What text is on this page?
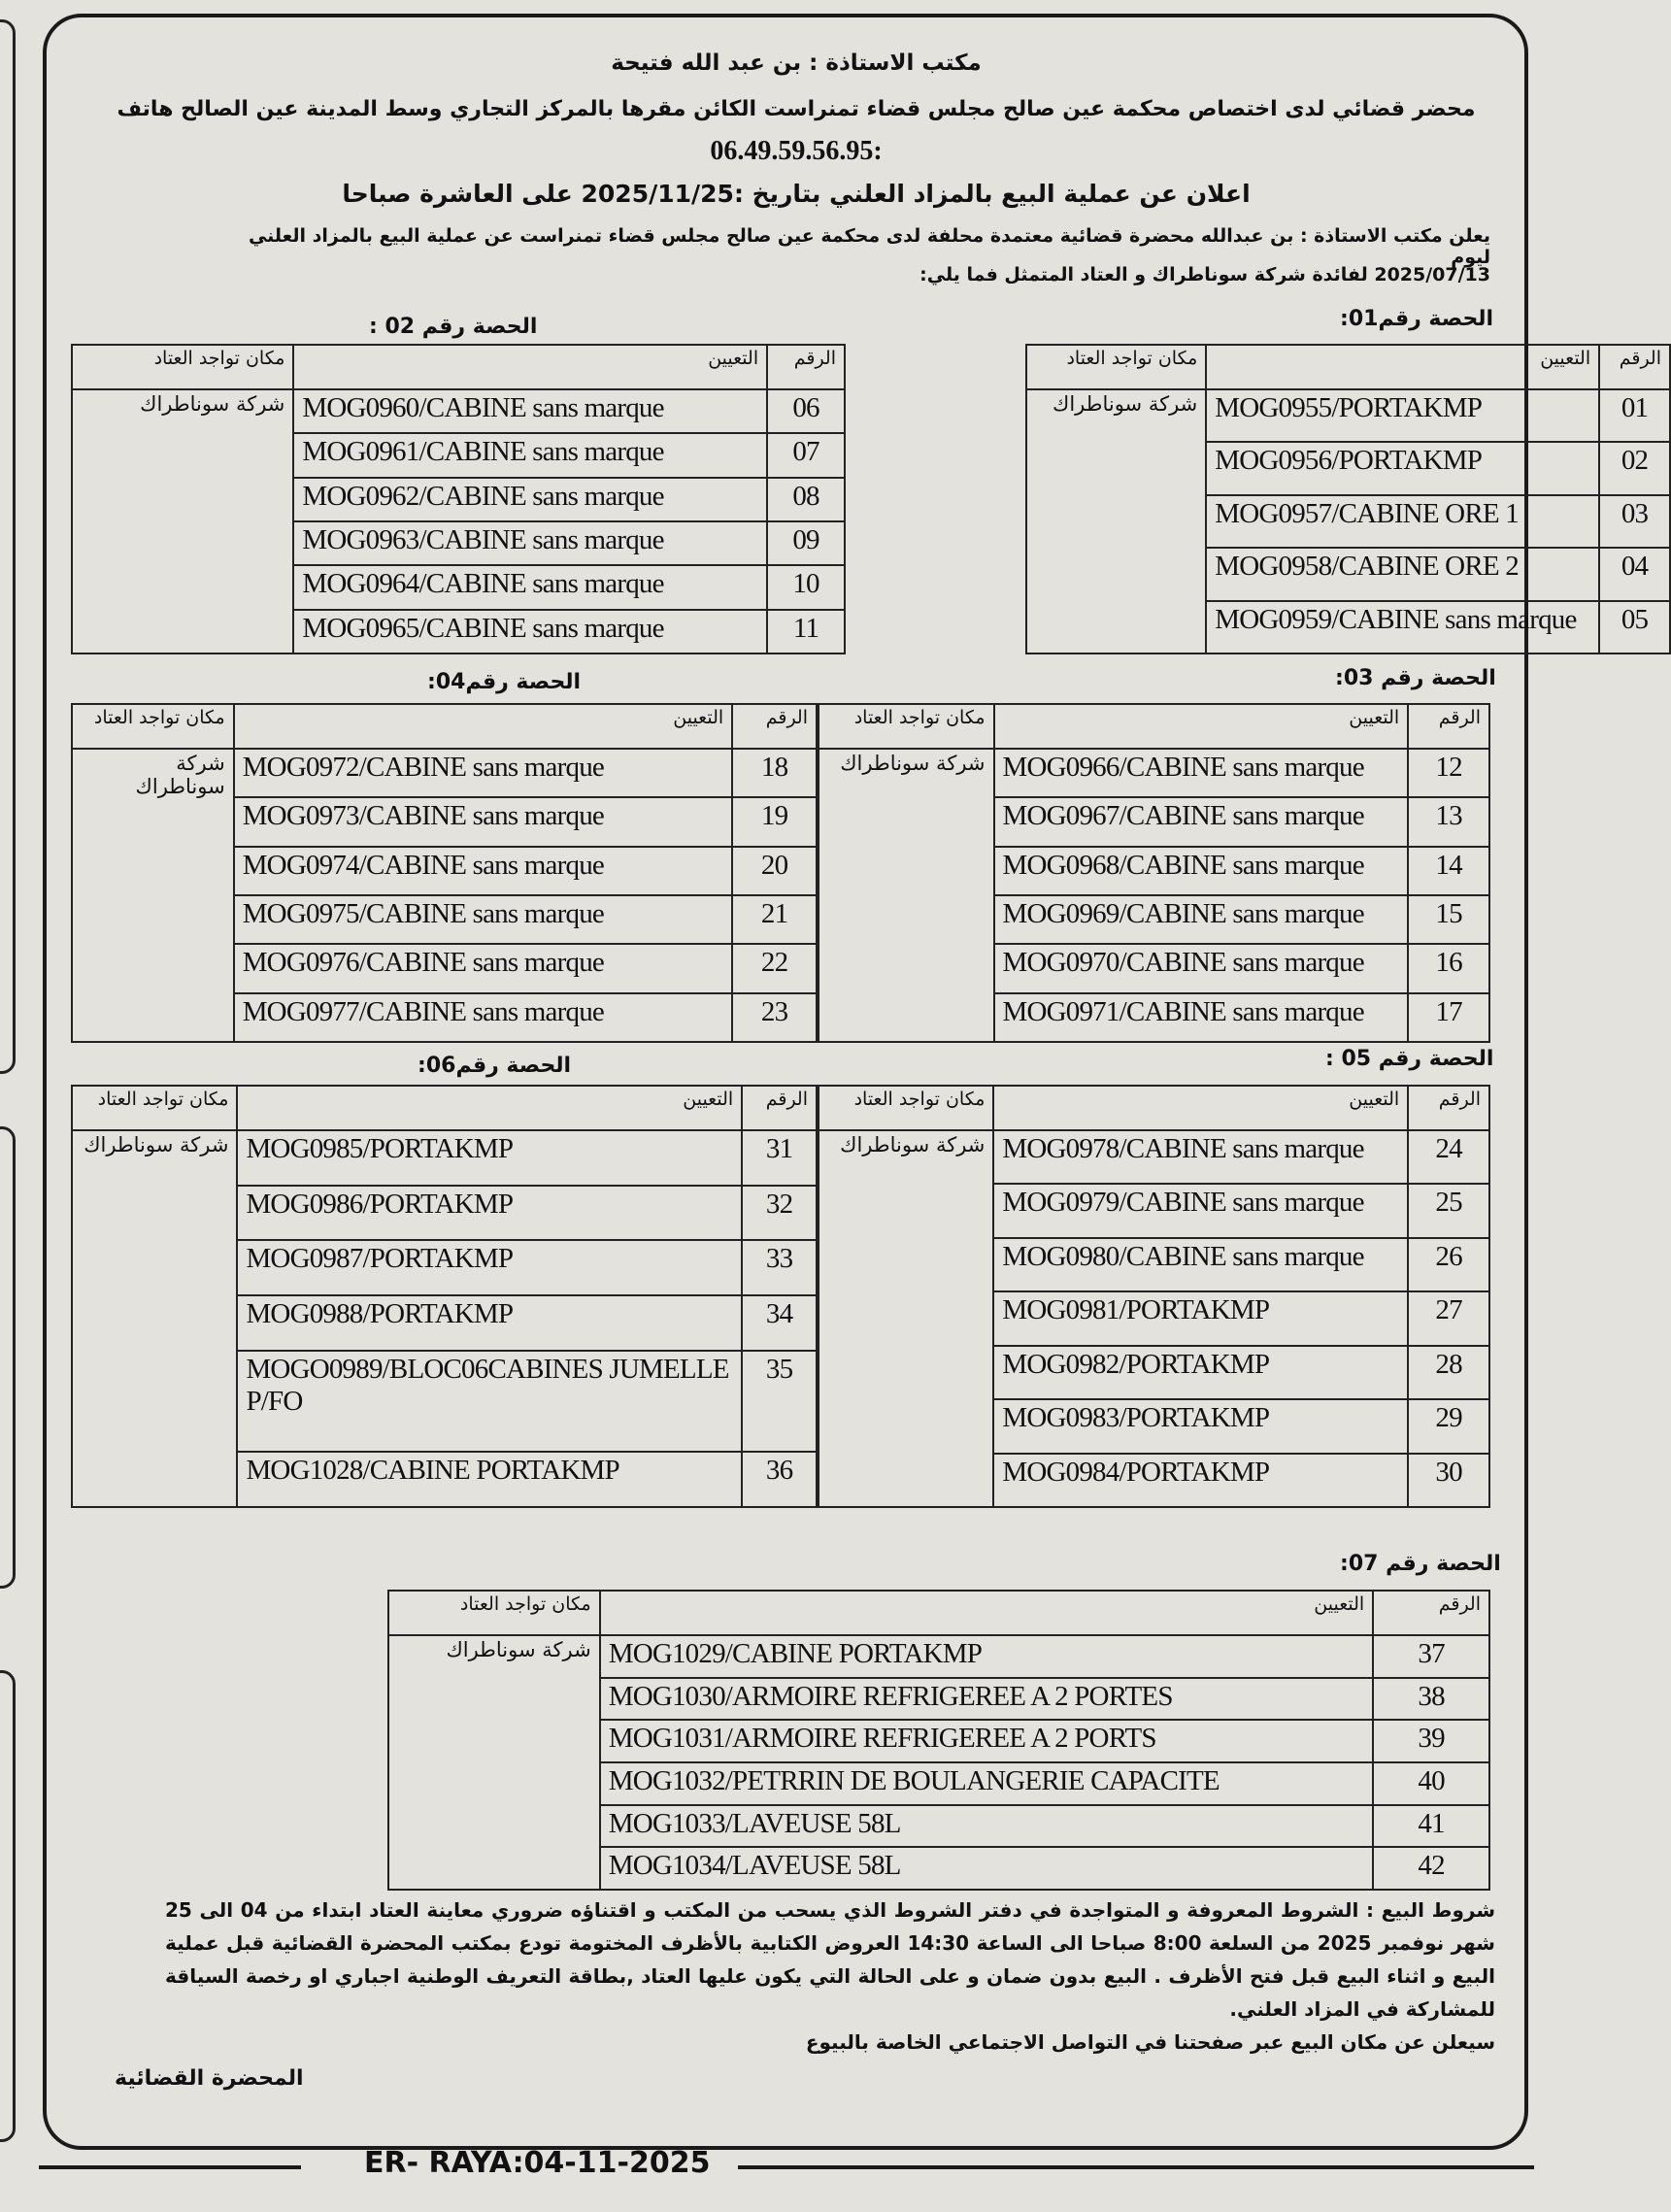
مكتب الاستاذة : بن عبد الله فتيحة
محضر قضائي لدى اختصاص محكمة عين صالح مجلس قضاء تمنراست الكائن مقرها بالمركز التجاري وسط المدينة عين الصالح هاتف
06.49.59.56.95:
اعلان عن عملية البيع بالمزاد العلني بتاريخ :2025/11/25 على العاشرة صباحا
يعلن مكتب الاستاذة : بن عبدالله محضرة قضائية معتمدة محلفة لدى محكمة عين صالح مجلس قضاء تمنراست عن عملية البيع بالمزاد العلني ليوم
2025/07/13 لفائدة شركة سوناطراك و العتاد المتمثل فما يلي:
الحصة رقم01:
الرقم	التعيين	مكان تواجد العتاد
01	MOG0955/PORTAKMP	شركة سوناطراك
02	MOG0956/PORTAKMP	
03	MOG0957/CABINE ORE 1	
04	MOG0958/CABINE ORE 2	
05	MOG0959/CABINE sans marque	
الحصة رقم 02 :
الرقم	التعيين	مكان تواجد العتاد
06	MOG0960/CABINE sans marque	شركة سوناطراك
07	MOG0961/CABINE sans marque	
08	MOG0962/CABINE sans marque	
09	MOG0963/CABINE sans marque	
10	MOG0964/CABINE sans marque	
11	MOG0965/CABINE sans marque	
الحصة رقم 03:
الرقم	التعيين	مكان تواجد العتاد
12	MOG0966/CABINE sans marque	شركة سوناطراك
13	MOG0967/CABINE sans marque	
14	MOG0968/CABINE sans marque	
15	MOG0969/CABINE sans marque	
16	MOG0970/CABINE sans marque	
17	MOG0971/CABINE sans marque	
الحصة رقم04:
الرقم	التعيين	مكان تواجد العتاد
18	MOG0972/CABINE sans marque	شركة سوناطراك
19	MOG0973/CABINE sans marque	
20	MOG0974/CABINE sans marque	
21	MOG0975/CABINE sans marque	
22	MOG0976/CABINE sans marque	
23	MOG0977/CABINE sans marque	
الحصة رقم 05 :
الرقم	التعيين	مكان تواجد العتاد
24	MOG0978/CABINE sans marque	شركة سوناطراك
25	MOG0979/CABINE sans marque	
26	MOG0980/CABINE sans marque	
27	MOG0981/PORTAKMP	
28	MOG0982/PORTAKMP	
29	MOG0983/PORTAKMP	
30	MOG0984/PORTAKMP	
الحصة رقم06:
الرقم	التعيين	مكان تواجد العتاد
31	MOG0985/PORTAKMP	شركة سوناطراك
32	MOG0986/PORTAKMP	
33	MOG0987/PORTAKMP	
34	MOG0988/PORTAKMP	
35	MOGO0989/BLOC06CABINES JUMELLE P/FO	
36	MOG1028/CABINE PORTAKMP	
الحصة رقم 07:
الرقم	التعيين	مكان تواجد العتاد
37	MOG1029/CABINE PORTAKMP	شركة سوناطراك
38	MOG1030/ARMOIRE REFRIGEREE A 2 PORTES	
39	MOG1031/ARMOIRE REFRIGEREE A 2 PORTS	
40	MOG1032/PETRRIN DE BOULANGERIE CAPACITE	
41	MOG1033/LAVEUSE 58L	
42	MOG1034/LAVEUSE 58L	
شروط البيع : الشروط المعروفة و المتواجدة في دفتر الشروط الذي يسحب من المكتب و اقتناؤه ضروري معاينة العتاد ابتداء من 04 الى 25 شهر نوفمبر 2025 من السلعة 8:00 صباحا الى الساعة 14:30 العروض الكتابية بالأظرف المختومة تودع بمكتب المحضرة القضائية قبل عملية البيع و اثناء البيع قبل فتح الأظرف . البيع بدون ضمان و على الحالة التي يكون عليها العتاد ,بطاقة التعريف الوطنية اجباري او رخصة السياقة للمشاركة في المزاد العلني.
سيعلن عن مكان البيع عبر صفحتنا في التواصل الاجتماعي الخاصة بالبيوع
المحضرة القضائية
ER- RAYA:04-11-2025
